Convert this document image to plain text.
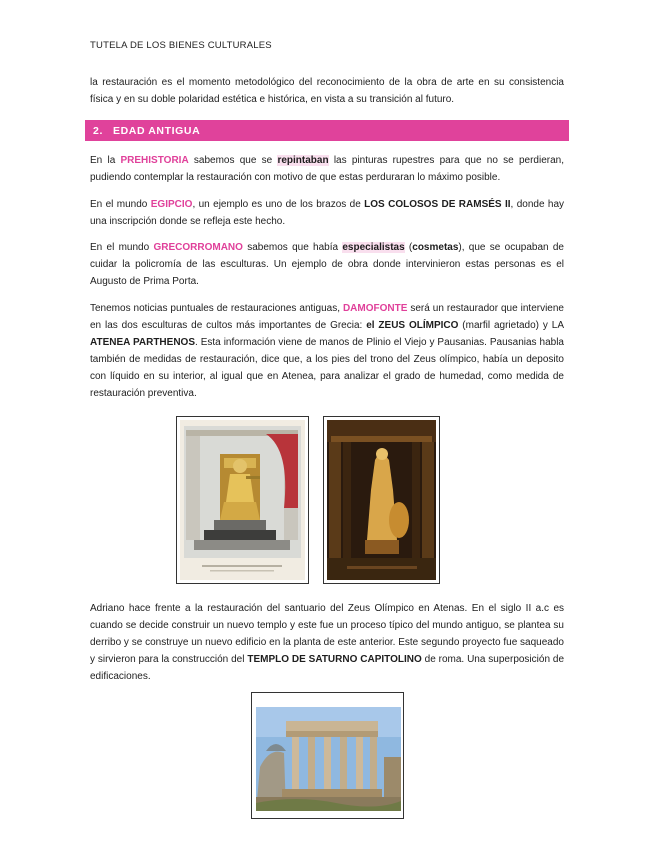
TUTELA DE LOS BIENES CULTURALES
la restauración es el momento metodológico del reconocimiento de la obra de arte en su consistencia física y en su doble polaridad estética e histórica, en vista a su transición al futuro.
2. EDAD ANTIGUA
En la PREHISTORIA sabemos que se repintaban las pinturas rupestres para que no se perdieran, pudiendo contemplar la restauración con motivo de que estas perduraran lo máximo posible.
En el mundo EGIPCIO, un ejemplo es uno de los brazos de LOS COLOSOS DE RAMSÉS II, donde hay una inscripción donde se refleja este hecho.
En el mundo GRECORROMANO sabemos que había especialistas (cosmetas), que se ocupaban de cuidar la policromía de las esculturas. Un ejemplo de obra donde intervinieron estas personas es el Augusto de Prima Porta.
Tenemos noticias puntuales de restauraciones antiguas, DAMOFONTE será un restaurador que interviene en las dos esculturas de cultos más importantes de Grecia: el ZEUS OLÍMPICO (marfil agrietado) y LA ATENEA PARTHENOS. Esta información viene de manos de Plinio el Viejo y Pausanias. Pausanias habla también de medidas de restauración, dice que, a los pies del trono del Zeus olímpico, había un deposito con líquido en su interior, al igual que en Atenea, para analizar el grado de humedad, como medida de restauración preventiva.
Adriano hace frente a la restauración del santuario del Zeus Olímpico en Atenas. En el siglo II a.c es cuando se decide construir un nuevo templo y este fue un proceso típico del mundo antiguo, se plantea su derribo y se construye un nuevo edificio en la planta de este anterior. Este segundo proyecto fue saqueado y sirvieron para la construcción del TEMPLO DE SATURNO CAPITOLINO de roma. Una superposición de edificaciones.
